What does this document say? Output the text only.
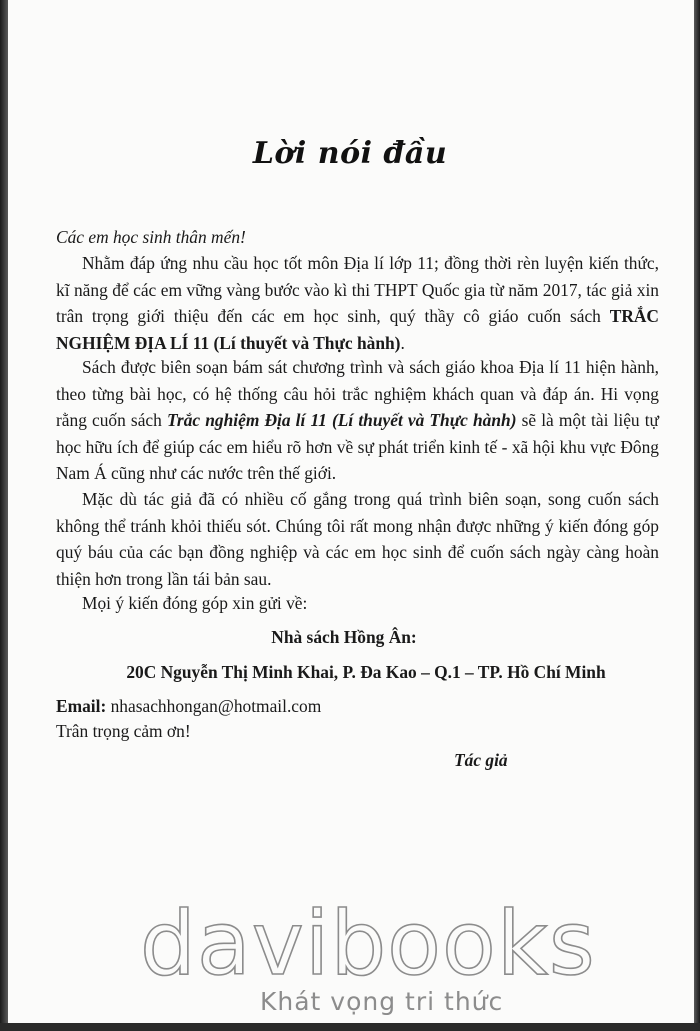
Lời nói đầu
Các em học sinh thân mến!

Nhằm đáp ứng nhu cầu học tốt môn Địa lí lớp 11; đồng thời rèn luyện kiến thức, kĩ năng để các em vững vàng bước vào kì thi THPT Quốc gia từ năm 2017, tác giả xin trân trọng giới thiệu đến các em học sinh, quý thầy cô giáo cuốn sách TRẮC NGHIỆM ĐỊA LÍ 11 (Lí thuyết và Thực hành).

Sách được biên soạn bám sát chương trình và sách giáo khoa Địa lí 11 hiện hành, theo từng bài học, có hệ thống câu hỏi trắc nghiệm khách quan và đáp án. Hi vọng rằng cuốn sách Trắc nghiệm Địa lí 11 (Lí thuyết và Thực hành) sẽ là một tài liệu tự học hữu ích để giúp các em hiểu rõ hơn về sự phát triển kinh tế - xã hội khu vực Đông Nam Á cũng như các nước trên thế giới.

Mặc dù tác giả đã có nhiều cố gắng trong quá trình biên soạn, song cuốn sách không thể tránh khỏi thiếu sót. Chúng tôi rất mong nhận được những ý kiến đóng góp quý báu của các bạn đồng nghiệp và các em học sinh để cuốn sách ngày càng hoàn thiện hơn trong lần tái bản sau.

Mọi ý kiến đóng góp xin gửi về:
Nhà sách Hồng Ân:
20C Nguyễn Thị Minh Khai, P. Đa Kao – Q.1 – TP. Hồ Chí Minh
Email: nhasachhongan@hotmail.com
Trân trọng cảm ơn!
Tác giả
davibooks
Khát vọng tri thức
